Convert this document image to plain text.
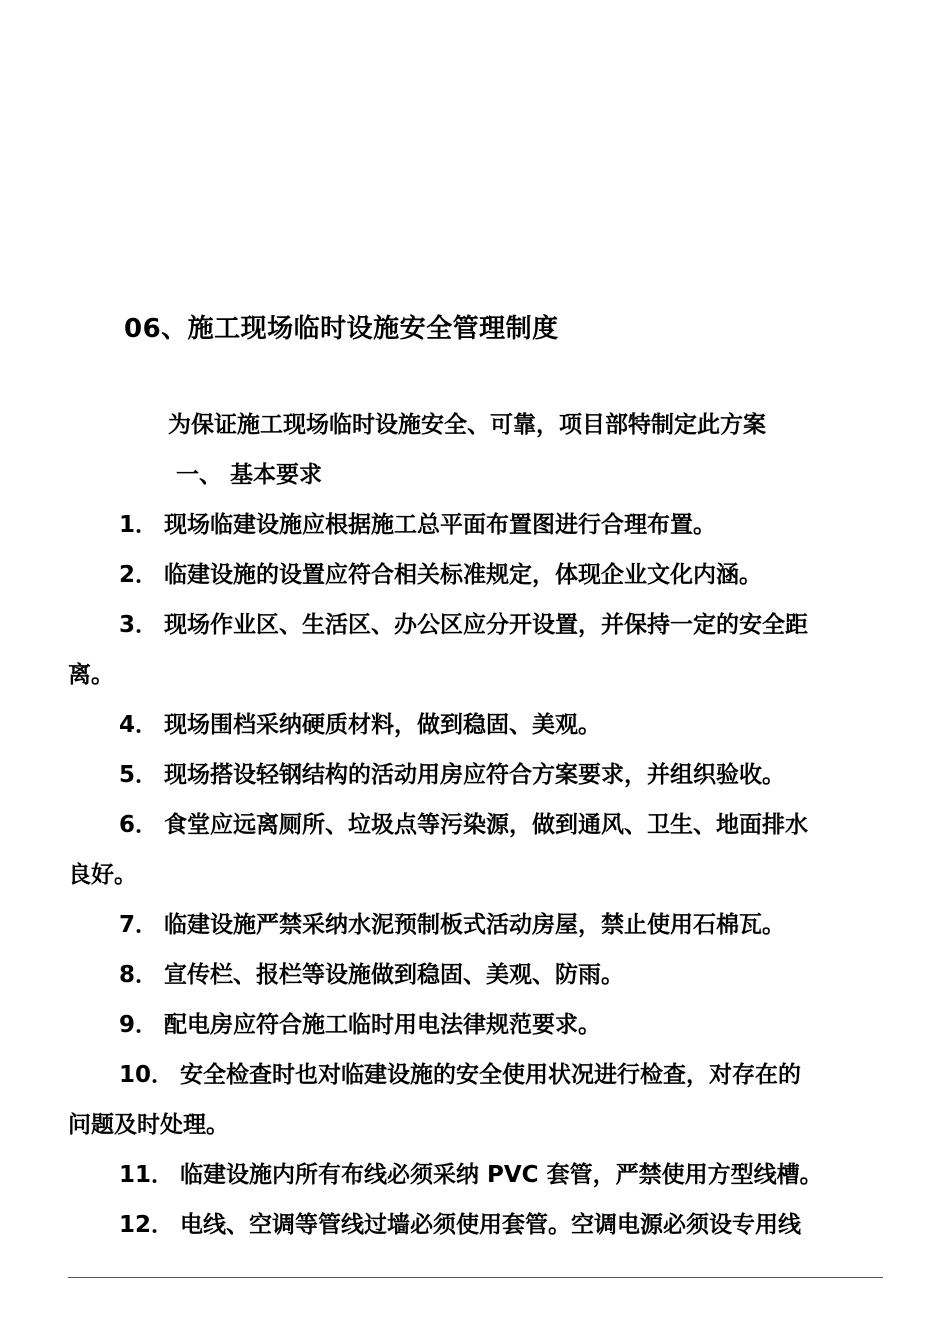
06、施工现场临时设施安全管理制度
为保证施工现场临时设施安全、可靠，项目部特制定此方案
一、 基本要求
1． 现场临建设施应根据施工总平面布置图进行合理布置。
2． 临建设施的设置应符合相关标准规定，体现企业文化内涵。
3． 现场作业区、生活区、办公区应分开设置，并保持一定的安全距
离。
4． 现场围档采纳硬质材料，做到稳固、美观。
5． 现场搭设轻钢结构的活动用房应符合方案要求，并组织验收。
6． 食堂应远离厕所、垃圾点等污染源，做到通风、卫生、地面排水
良好。
7． 临建设施严禁采纳水泥预制板式活动房屋，禁止使用石棉瓦。
8． 宣传栏、报栏等设施做到稳固、美观、防雨。
9． 配电房应符合施工临时用电法律规范要求。
10． 安全检查时也对临建设施的安全使用状况进行检查，对存在的
问题及时处理。
11． 临建设施内所有布线必须采纳 PVC 套管，严禁使用方型线槽。
12． 电线、空调等管线过墙必须使用套管。空调电源必须设专用线
